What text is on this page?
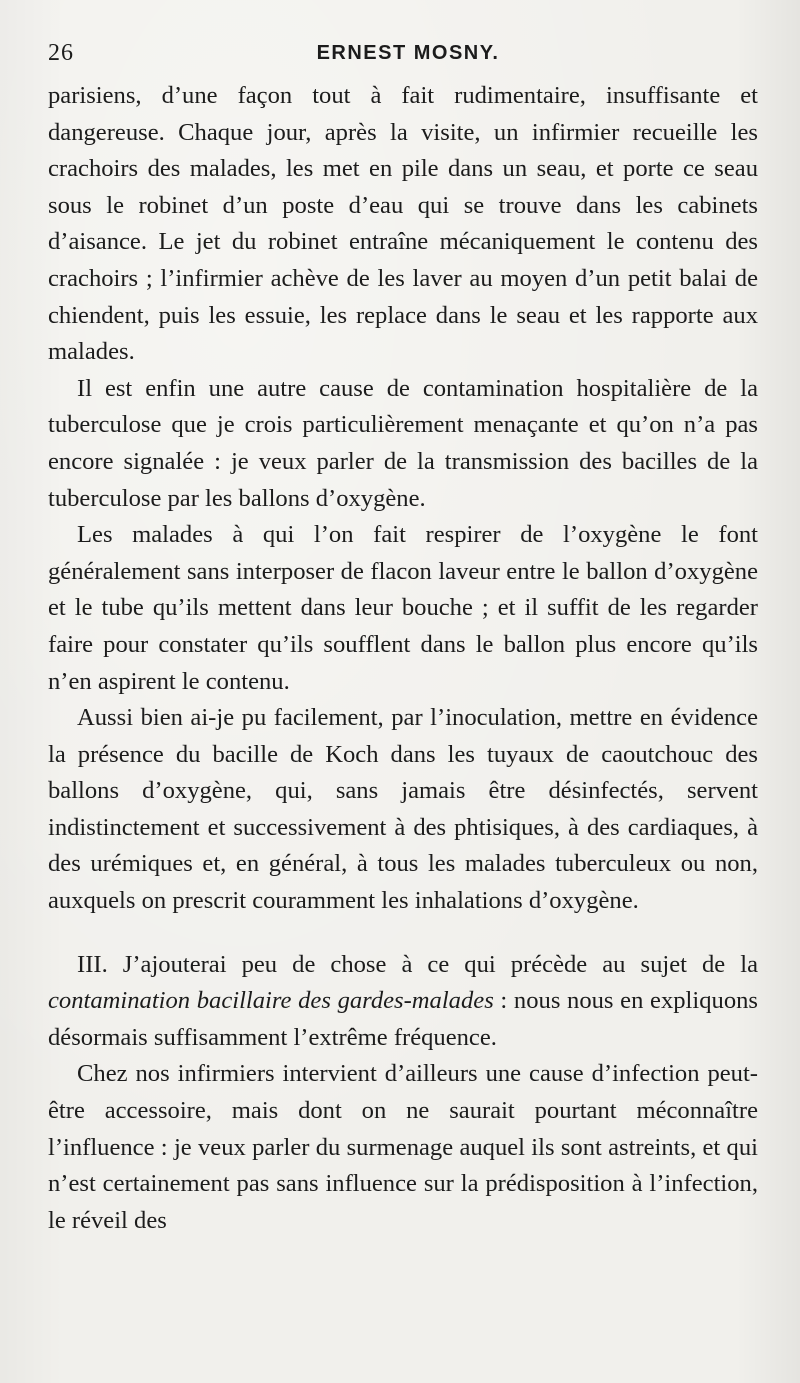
26	ERNEST MOSNY.

parisiens, d’une façon tout à fait rudimentaire, insuffisante et dangereuse. Chaque jour, après la visite, un infirmier recueille les crachoirs des malades, les met en pile dans un seau, et porte ce seau sous le robinet d’un poste d’eau qui se trouve dans les cabinets d’aisance. Le jet du robinet entraîne mécaniquement le contenu des crachoirs ; l’infirmier achève de les laver au moyen d’un petit balai de chiendent, puis les essuie, les replace dans le seau et les rapporte aux malades.

Il est enfin une autre cause de contamination hospitalière de la tuberculose que je crois particulièrement menaçante et qu’on n’a pas encore signalée : je veux parler de la transmission des bacilles de la tuberculose par les ballons d’oxygène.

Les malades à qui l’on fait respirer de l’oxygène le font généralement sans interposer de flacon laveur entre le ballon d’oxygène et le tube qu’ils mettent dans leur bouche ; et il suffit de les regarder faire pour constater qu’ils soufflent dans le ballon plus encore qu’ils n’en aspirent le contenu.

Aussi bien ai-je pu facilement, par l’inoculation, mettre en évidence la présence du bacille de Koch dans les tuyaux de caoutchouc des ballons d’oxygène, qui, sans jamais être désinfectés, servent indistinctement et successivement à des phtisiques, à des cardiaques, à des urémiques et, en général, à tous les malades tuberculeux ou non, auxquels on prescrit couramment les inhalations d’oxygène.

III. J’ajouterai peu de chose à ce qui précède au sujet de la contamination bacillaire des gardes-malades : nous nous en expliquons désormais suffisamment l’extrême fréquence.

Chez nos infirmiers intervient d’ailleurs une cause d’infection peut-être accessoire, mais dont on ne saurait pourtant méconnaître l’influence : je veux parler du surmenage auquel ils sont astreints, et qui n’est certainement pas sans influence sur la prédisposition à l’infection, le réveil des
